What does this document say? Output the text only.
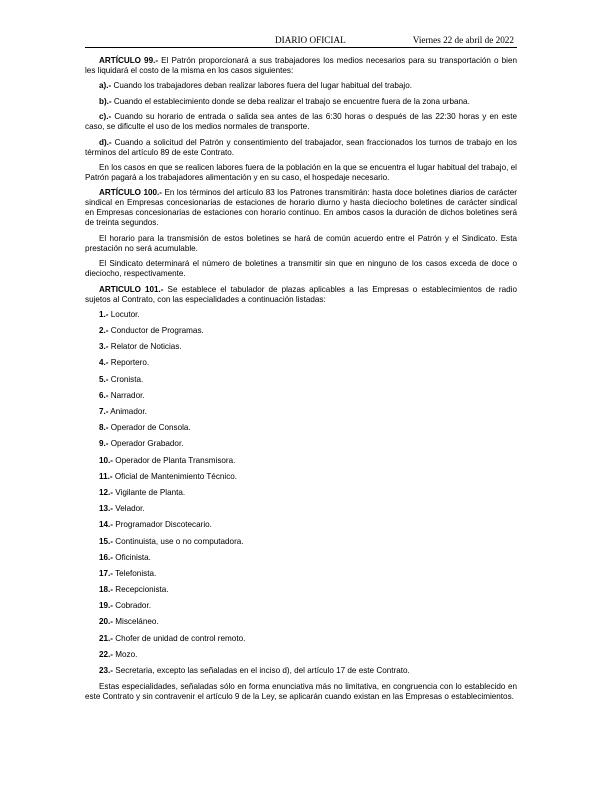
DIARIO OFICIAL	Viernes 22 de abril de 2022

ARTÍCULO 99.- El Patrón proporcionará a sus trabajadores los medios necesarios para su transportación o bien les liquidará el costo de la misma en los casos siguientes:

a).- Cuando los trabajadores deban realizar labores fuera del lugar habitual del trabajo.

b).- Cuando el establecimiento donde se deba realizar el trabajo se encuentre fuera de la zona urbana.

c).- Cuando su horario de entrada o salida sea antes de las 6:30 horas o después de las 22:30 horas y en este caso, se dificulte el uso de los medios normales de transporte.

d).- Cuando a solicitud del Patrón y consentimiento del trabajador, sean fraccionados los turnos de trabajo en los términos del artículo 89 de este Contrato.

En los casos en que se realicen labores fuera de la población en la que se encuentra el lugar habitual del trabajo, el Patrón pagará a los trabajadores alimentación y en su caso, el hospedaje necesario.

ARTÍCULO 100.- En los términos del artículo 83 los Patrones transmitirán: hasta doce boletines diarios de carácter sindical en Empresas concesionarias de estaciones de horario diurno y hasta dieciocho boletines de carácter sindical en Empresas concesionarias de estaciones con horario continuo. En ambos casos la duración de dichos boletines será de treinta segundos.

El horario para la transmisión de estos boletines se hará de común acuerdo entre el Patrón y el Sindicato. Esta prestación no será acumulable.

El Sindicato determinará el número de boletines a transmitir sin que en ninguno de los casos exceda de doce o dieciocho, respectivamente.

ARTICULO 101.- Se establece el tabulador de plazas aplicables a las Empresas o establecimientos de radio sujetos al Contrato, con las especialidades a continuación listadas:

1.- Locutor.

2.- Conductor de Programas.

3.- Relator de Noticias.

4.- Reportero.

5.- Cronista.

6.- Narrador.

7.- Animador.

8.- Operador de Consola.

9.- Operador Grabador.

10.- Operador de Planta Transmisora.

11.- Oficial de Mantenimiento Técnico.

12.- Vigilante de Planta.

13.- Velador.

14.- Programador Discotecario.

15.- Continuista, use o no computadora.

16.- Oficinista.

17.- Telefonista.

18.- Recepcionista.

19.- Cobrador.

20.- Misceláneo.

21.- Chofer de unidad de control remoto.

22.- Mozo.

23.- Secretaria, excepto las señaladas en el inciso d), del artículo 17 de este Contrato.

Estas especialidades, señaladas sólo en forma enunciativa más no limitativa, en congruencia con lo establecido en este Contrato y sin contravenir el artículo 9 de la Ley, se aplicarán cuando existan en las Empresas o establecimientos.
